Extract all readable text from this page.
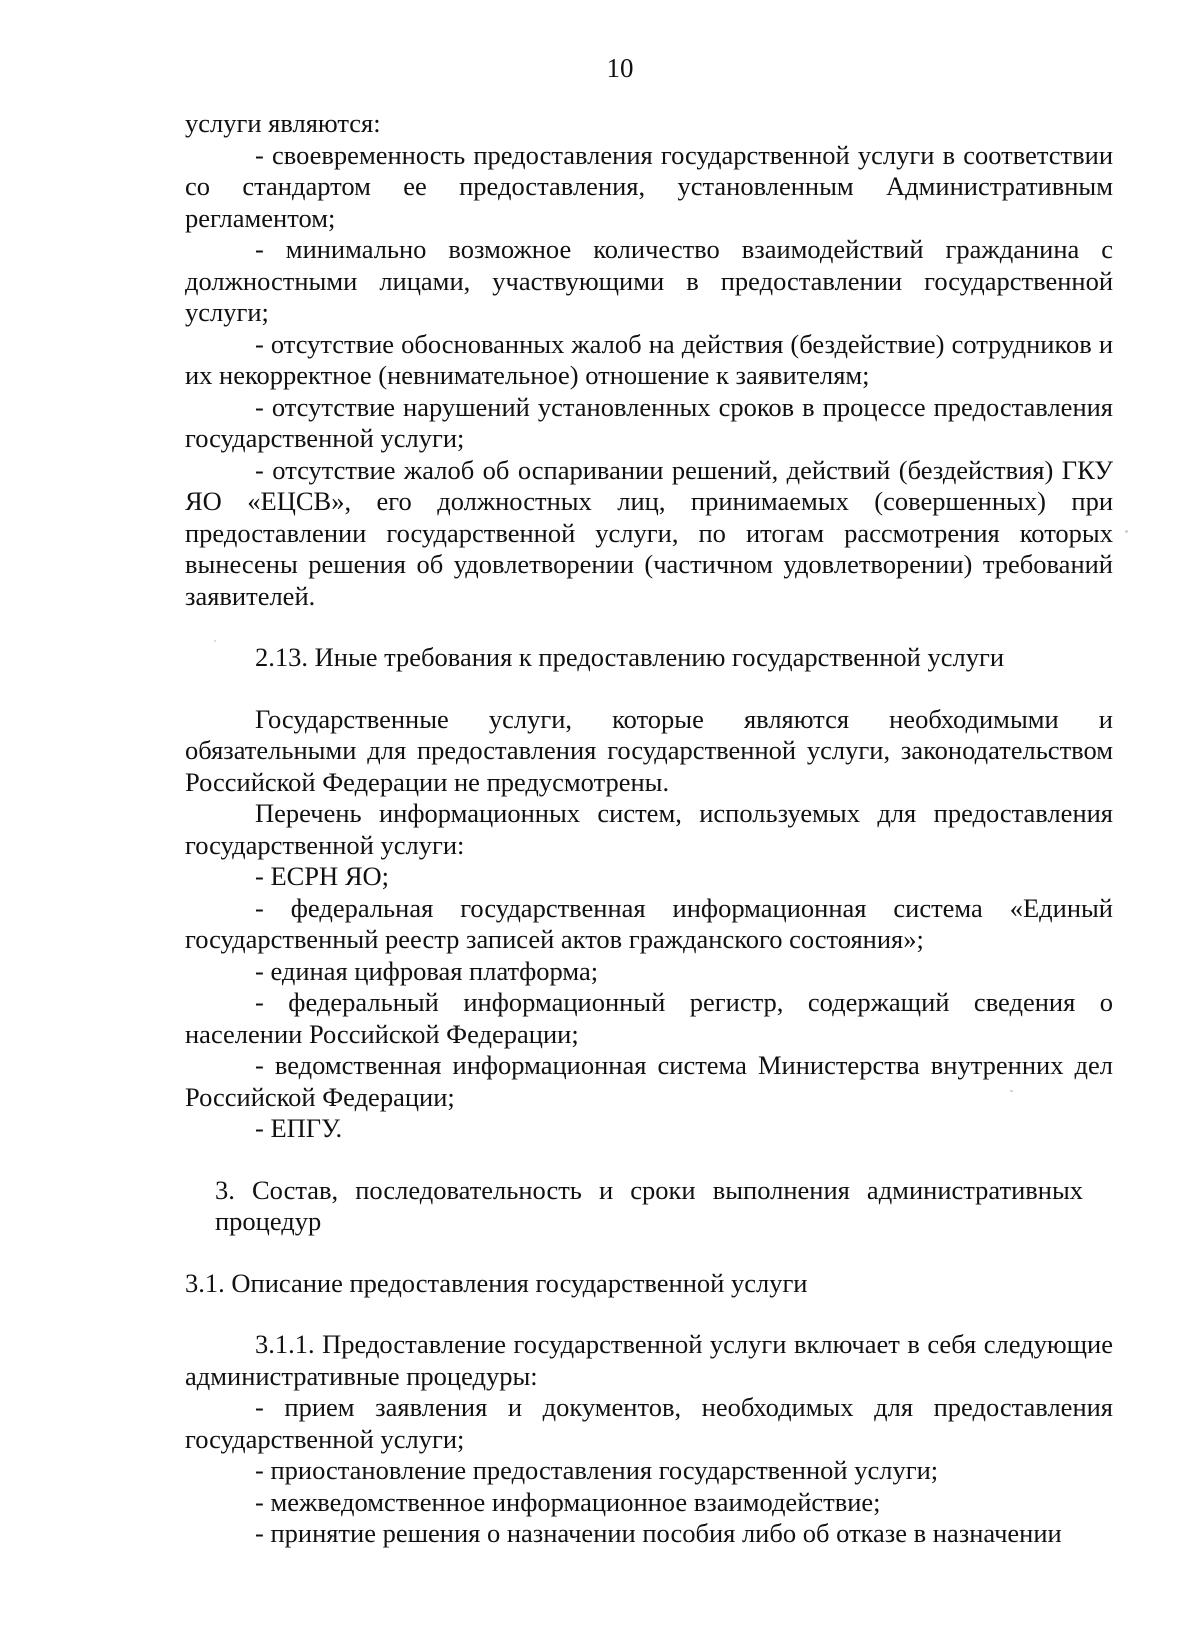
10

услуги являются:

- своевременность предоставления государственной услуги в соответствии со стандартом ее предоставления, установленным Административным регламентом;

- минимально возможное количество взаимодействий гражданина с должностными лицами, участвующими в предоставлении государственной услуги;

- отсутствие обоснованных жалоб на действия (бездействие) сотрудников и их некорректное (невнимательное) отношение к заявителям;

- отсутствие нарушений установленных сроков в процессе предоставления государственной услуги;

- отсутствие жалоб об оспаривании решений, действий (бездействия) ГКУ ЯО «ЕЦСВ», его должностных лиц, принимаемых (совершенных) при предоставлении государственной услуги, по итогам рассмотрения которых вынесены решения об удовлетворении (частичном удовлетворении) требований заявителей.

2.13. Иные требования к предоставлению государственной услуги

Государственные услуги, которые являются необходимыми и обязательными для предоставления государственной услуги, законодательством Российской Федерации не предусмотрены.

Перечень информационных систем, используемых для предоставления государственной услуги:

- ЕСРН ЯО;

- федеральная государственная информационная система «Единый государственный реестр записей актов гражданского состояния»;

- единая цифровая платформа;

- федеральный информационный регистр, содержащий сведения о населении Российской Федерации;

- ведомственная информационная система Министерства внутренних дел Российской Федерации;

- ЕПГУ.

3. Состав, последовательность и сроки выполнения административных процедур

3.1. Описание предоставления государственной услуги

3.1.1. Предоставление государственной услуги включает в себя следующие административные процедуры:

- прием заявления и документов, необходимых для предоставления государственной услуги;

- приостановление предоставления государственной услуги;

- межведомственное информационное взаимодействие;

- принятие решения о назначении пособия либо об отказе в назначении
